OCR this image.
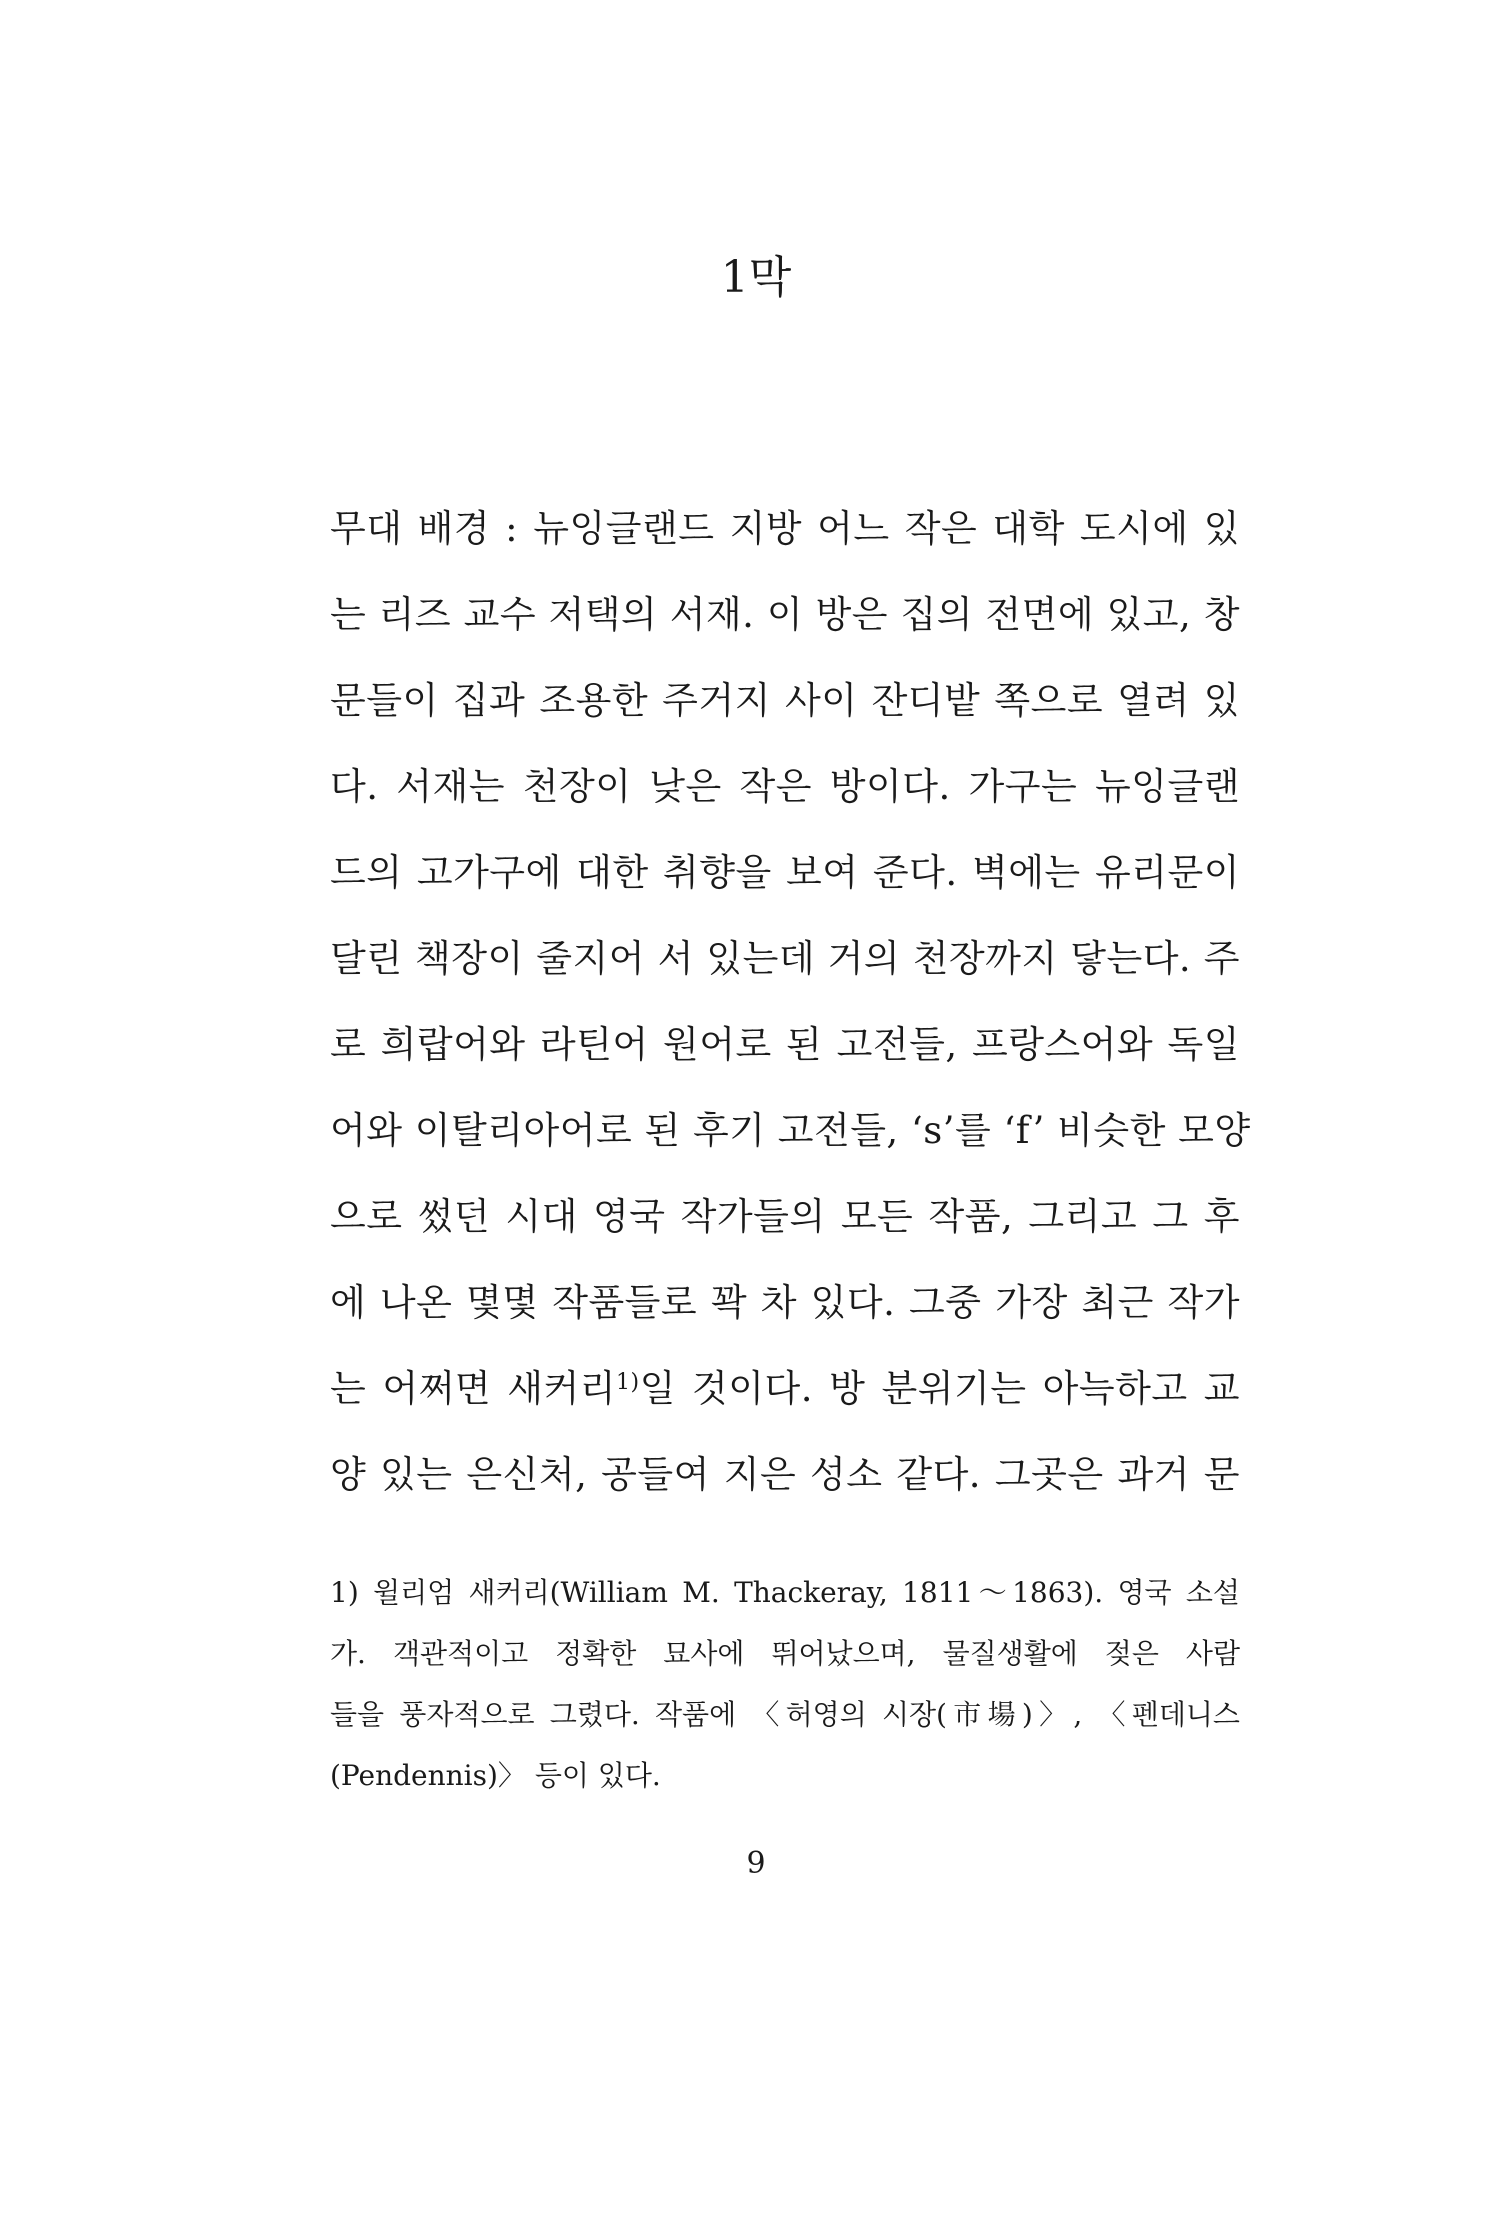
1막
무대 배경 : 뉴잉글랜드 지방 어느 작은 대학 도시에 있
는 리즈 교수 저택의 서재. 이 방은 집의 전면에 있고, 창
문들이 집과 조용한 주거지 사이 잔디밭 쪽으로 열려 있
다. 서재는 천장이 낮은 작은 방이다. 가구는 뉴잉글랜
드의 고가구에 대한 취향을 보여 준다. 벽에는 유리문이
달린 책장이 줄지어 서 있는데 거의 천장까지 닿는다. 주
로 희랍어와 라틴어 원어로 된 고전들, 프랑스어와 독일
어와 이탈리아어로 된 후기 고전들, ‘s’를 ‘f’ 비슷한 모양
으로 썼던 시대 영국 작가들의 모든 작품, 그리고 그 후
에 나온 몇몇 작품들로 꽉 차 있다. 그중 가장 최근 작가
는 어쩌면 새커리$^{1)}$일 것이다. 방 분위기는 아늑하고 교
양 있는 은신처, 공들여 지은 성소 같다. 그곳은 과거 문
1) 윌리엄 새커리(William M. Thackeray, 1811～1863). 영국 소설
가. 객관적이고 정확한 묘사에 뛰어났으며, 물질생활에 젖은 사람
들을 풍자적으로 그렸다. 작품에 〈허영의 시장(市場)〉, 〈펜데니스
(Pendennis)〉 등이 있다.
9
